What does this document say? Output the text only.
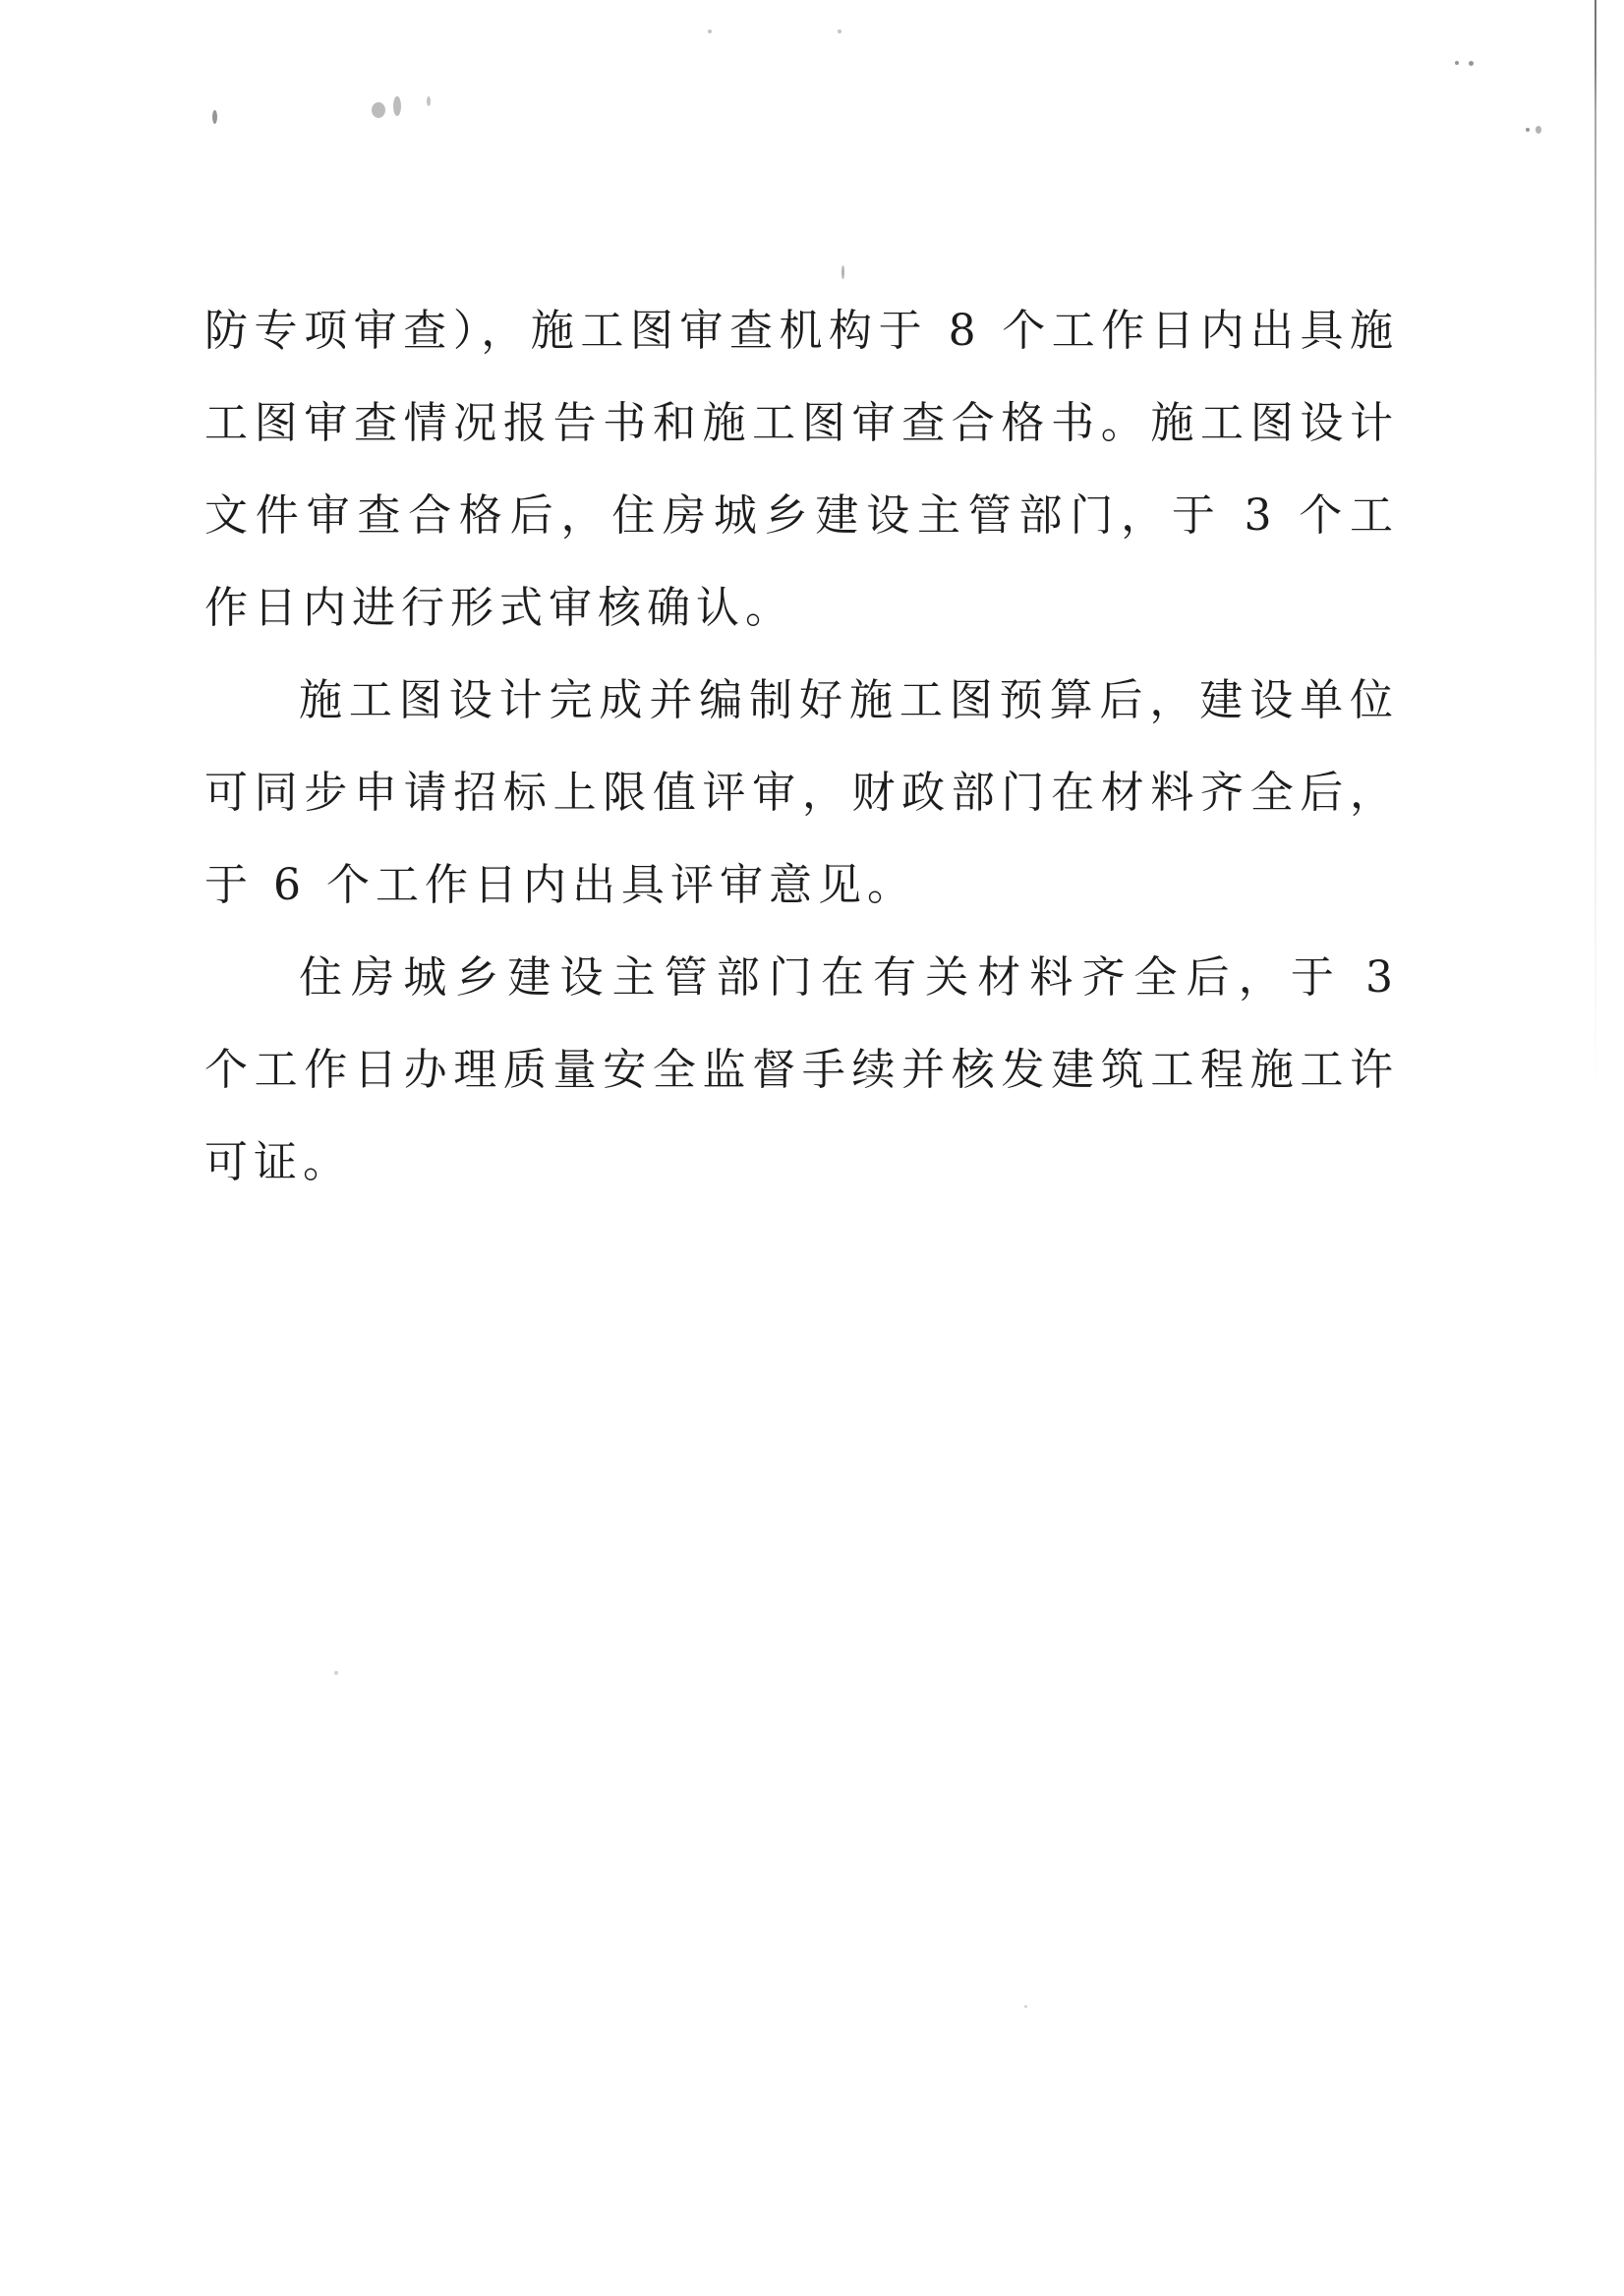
防专项审查），施工图审查机构于 8 个工作日内出具施工图审查情况报告书和施工图审查合格书。施工图设计文件审查合格后，住房城乡建设主管部门，于 3 个工作日内进行形式审核确认。

施工图设计完成并编制好施工图预算后，建设单位可同步申请招标上限值评审，财政部门在材料齐全后，于 6 个工作日内出具评审意见。

住房城乡建设主管部门在有关材料齐全后，于 3 个工作日办理质量安全监督手续并核发建筑工程施工许可证。
